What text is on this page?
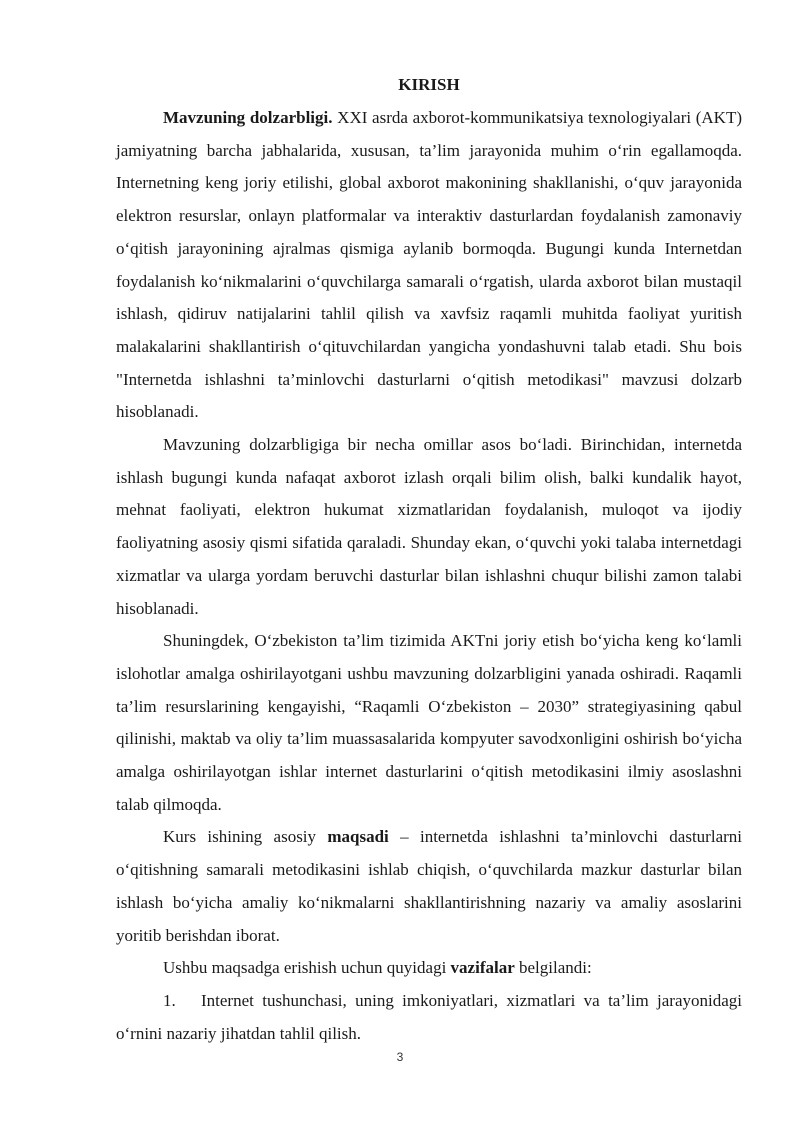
KIRISH

Mavzuning dolzarbligi. XXI asrda axborot-kommunikatsiya texnologiyalari (AKT) jamiyatning barcha jabhalarida, xususan, ta’lim jarayonida muhim o‘rin egallamoqda. Internetning keng joriy etilishi, global axborot makonining shakllanishi, o‘quv jarayonida elektron resurslar, onlayn platformalar va interaktiv dasturlardan foydalanish zamonaviy o‘qitish jarayonining ajralmas qismiga aylanib bormoqda. Bugungi kunda Internetdan foydalanish ko‘nikmalarini o‘quvchilarga samarali o‘rgatish, ularda axborot bilan mustaqil ishlash, qidiruv natijalarini tahlil qilish va xavfsiz raqamli muhitda faoliyat yuritish malakalarini shakllantirish o‘qituvchilardan yangicha yondashuvni talab etadi. Shu bois "Internetda ishlashni ta’minlovchi dasturlarni o‘qitish metodikasi" mavzusi dolzarb hisoblanadi.

Mavzuning dolzarbligiga bir necha omillar asos bo‘ladi. Birinchidan, internetda ishlash bugungi kunda nafaqat axborot izlash orqali bilim olish, balki kundalik hayot, mehnat faoliyati, elektron hukumat xizmatlaridan foydalanish, muloqot va ijodiy faoliyatning asosiy qismi sifatida qaraladi. Shunday ekan, o‘quvchi yoki talaba internetdagi xizmatlar va ularga yordam beruvchi dasturlar bilan ishlashni chuqur bilishi zamon talabi hisoblanadi.

Shuningdek, O‘zbekiston ta’lim tizimida AKTni joriy etish bo‘yicha keng ko‘lamli islohotlar amalga oshirilayotgani ushbu mavzuning dolzarbligini yanada oshiradi. Raqamli ta’lim resurslarining kengayishi, “Raqamli O‘zbekiston – 2030” strategiyasining qabul qilinishi, maktab va oliy ta’lim muassasalarida kompyuter savodxonligini oshirish bo‘yicha amalga oshirilayotgan ishlar internet dasturlarini o‘qitish metodikasini ilmiy asoslashni talab qilmoqda.

Kurs ishining asosiy maqsadi – internetda ishlashni ta’minlovchi dasturlarni o‘qitishning samarali metodikasini ishlab chiqish, o‘quvchilarda mazkur dasturlar bilan ishlash bo‘yicha amaliy ko‘nikmalarni shakllantirishning nazariy va amaliy asoslarini yoritib berishdan iborat.

Ushbu maqsadga erishish uchun quyidagi vazifalar belgilandi:

1. Internet tushunchasi, uning imkoniyatlari, xizmatlari va ta’lim jarayonidagi o‘rnini nazariy jihatdan tahlil qilish.

3
